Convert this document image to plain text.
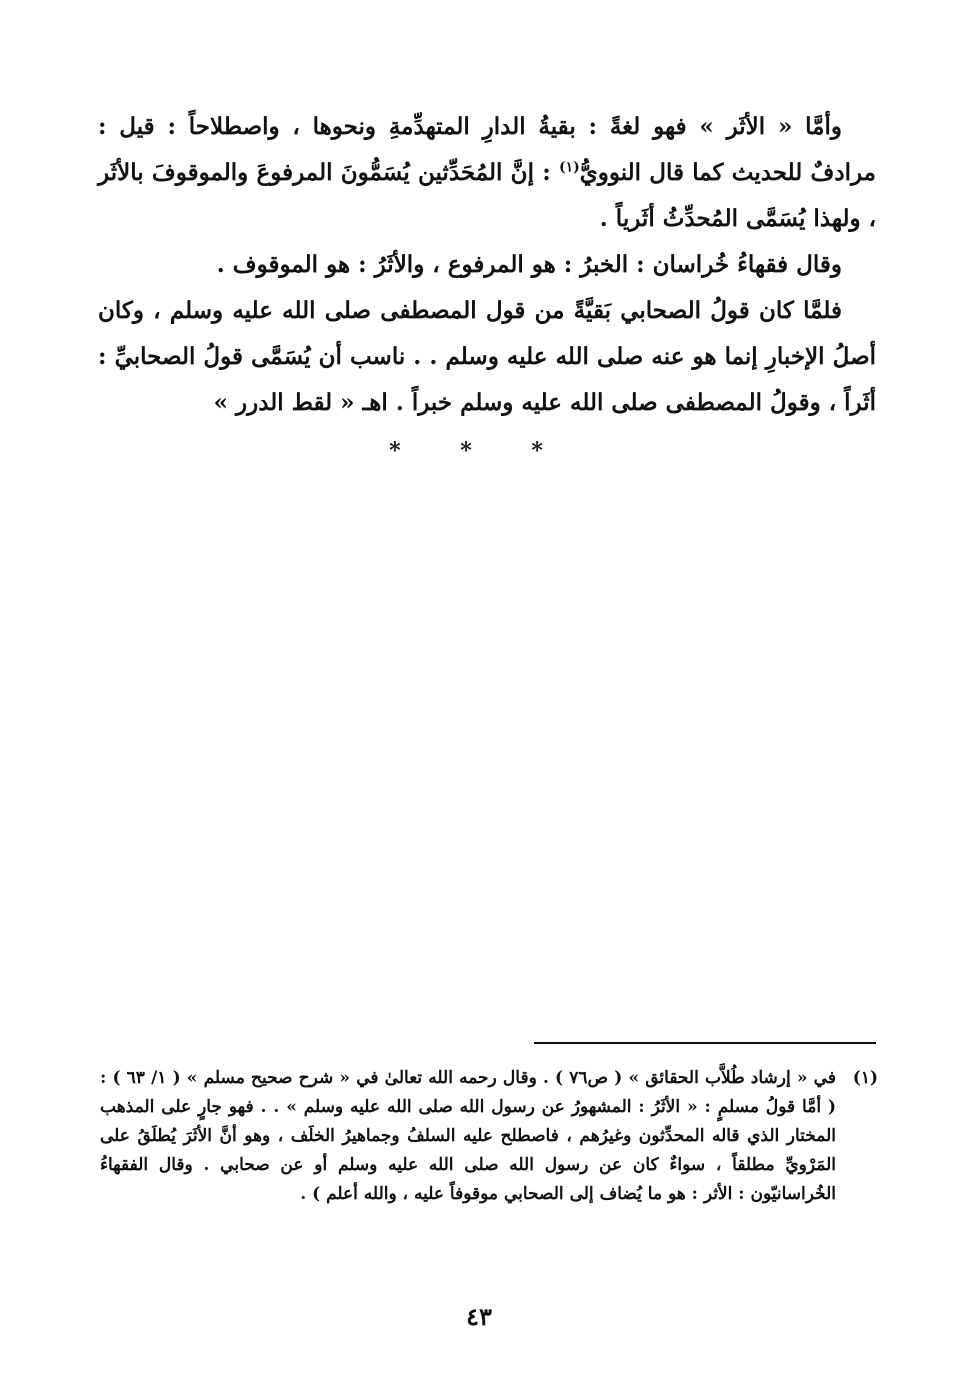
وأمَّا « الأثَر » فهو لغةً : بقيةُ الدارِ المتهدِّمةِ ونحوها ، واصطلاحاً : قيل : مرادفٌ للحديث كما قال النوويُّ$^{(١)}$ : إنَّ المُحَدِّثين يُسَمُّونَ المرفوعَ والموقوفَ بالأثَر ، ولهذا يُسَمَّى المُحدِّثُ أثَرياً .

وقال فقهاءُ خُراسان : الخبرُ : هو المرفوع ، والأثَرُ : هو الموقوف .

فلمَّا كان قولُ الصحابي بَقيَّةً من قول المصطفى صلى الله عليه وسلم ، وكان أصلُ الإخبارِ إنما هو عنه صلى الله عليه وسلم . . ناسب أن يُسَمَّى قولُ الصحابيِّ : أثَراً ، وقولُ المصطفى صلى الله عليه وسلم خبراً . اهـ « لقط الدرر »

* * *
(١)

في « إرشاد طُلاَّب الحقائق » ( ص٧٦ ) . وقال رحمه الله تعالىٰ في « شرح صحيح مسلم » ( ١/ ٦٣ ) : ( أمَّا قولُ مسلمٍ : « الأثَرُ : المشهورُ عن رسول الله صلى الله عليه وسلم » . . فهو جارٍ على المذهب المختار الذي قاله المحدِّثون وغيرُهم ، فاصطلح عليه السلفُ وجماهيرُ الخلَف ، وهو أنَّ الأثَرَ يُطلَقُ على المَرْويِّ مطلقاً ، سواءٌ كان عن رسول الله صلى الله عليه وسلم أو عن صحابي . وقال الفقهاءُ الخُراسانيّون : الأثر : هو ما يُضاف إلى الصحابي موقوفاً عليه ، والله أعلم ) .

٤٣
